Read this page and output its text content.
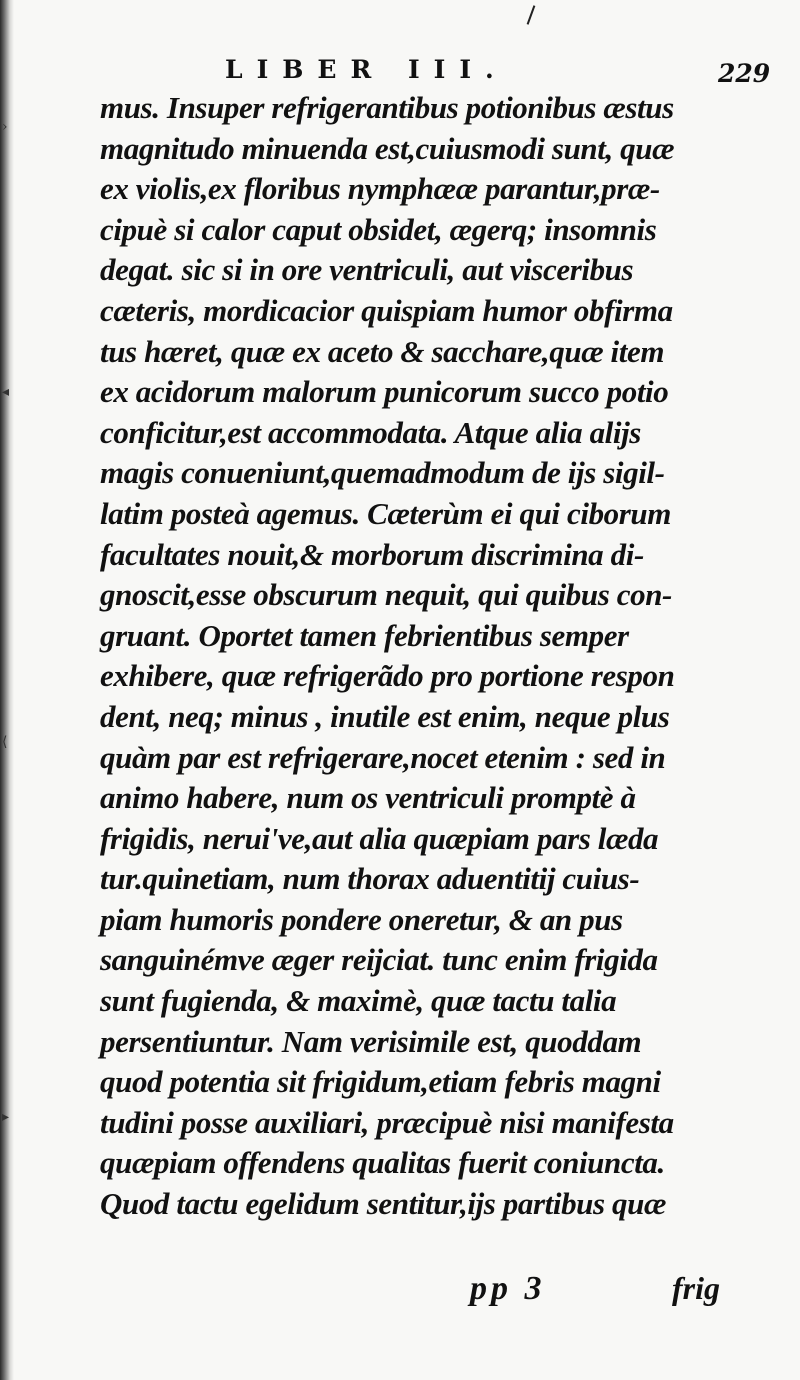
›
◂
⟨
▸
LIBER III.	229
mus. Insuper refrigerantibus potionibus æstus
magnitudo minuenda est,cuiusmodi sunt, quæ
ex violis,ex floribus nymphææ parantur,præ-
cipuè si calor caput obsidet, ægerq; insomnis
degat. sic si in ore ventriculi, aut visceribus
cæteris, mordicacior quispiam humor obfirma
tus hæret, quæ ex aceto & sacchare,quæ item
ex acidorum malorum punicorum succo potio
conficitur,est accommodata. Atque alia alijs
magis conueniunt,quemadmodum de ijs sigil-
latim posteà agemus. Cæterùm ei qui ciborum
facultates nouit,& morborum discrimina di-
gnoscit,esse obscurum nequit, qui quibus con-
gruant. Oportet tamen febrientibus semper
exhibere, quæ refrigerãdo pro portione respon
dent, neq; minus , inutile est enim, neque plus
quàm par est refrigerare,nocet etenim : sed in
animo habere, num os ventriculi promptè à
frigidis, nerui've,aut alia quæpiam pars læda
tur.quinetiam, num thorax aduentitij cuius-
piam humoris pondere oneretur, & an pus
sanguinémve æger reijciat. tunc enim frigida
sunt fugienda, & maximè, quæ tactu talia
persentiuntur. Nam verisimile est, quoddam
quod potentia sit frigidum,etiam febris magni
tudini posse auxiliari, præcipuè nisi manifesta
quæpiam offendens qualitas fuerit coniuncta.
Quod tactu egelidum sentitur,ijs partibus quæ
pp 3	frig
